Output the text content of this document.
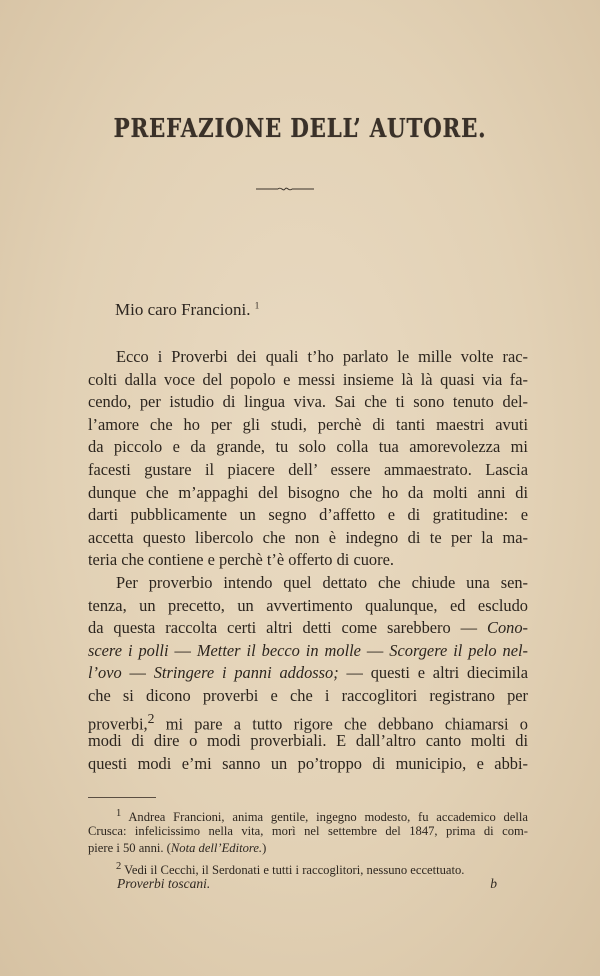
PREFAZIONE DELL’ AUTORE.
Mio caro Francioni. $^1$
Ecco i Proverbi dei quali t’ho parlato le mille volte rac-
colti dalla voce del popolo e messi insieme là là quasi via fa-
cendo, per istudio di lingua viva. Sai che ti sono tenuto del-
l’amore che ho per gli studi, perchè di tanti maestri avuti
da piccolo e da grande, tu solo colla tua amorevolezza mi
facesti gustare il piacere dell’ essere ammaestrato. Lascia
dunque che m’appaghi del bisogno che ho da molti anni di
darti pubblicamente un segno d’affetto e di gratitudine: e
accetta questo libercolo che non è indegno di te per la ma-
teria che contiene e perchè t’è offerto di cuore.
Per proverbio intendo quel dettato che chiude una sen-
tenza, un precetto, un avvertimento qualunque, ed escludo
da questa raccolta certi altri detti come sarebbero — Cono-
scere i polli — Metter il becco in molle — Scorgere il pelo nel-
l’ovo — Stringere i panni addosso; — questi e altri diecimila
che si dicono proverbi e che i raccoglitori registrano per
proverbi,$^2$ mi pare a tutto rigore che debbano chiamarsi o
modi di dire o modi proverbiali. E dall’altro canto molti di
questi modi e’mi sanno un po’troppo di municipio, e abbi-
$^1$ Andrea Francioni, anima gentile, ingegno modesto, fu accademico della
Crusca: infelicissimo nella vita, morì nel settembre del 1847, prima di com-
piere i 50 anni. (Nota dell’Editore.)
$^2$ Vedi il Cecchi, il Serdonati e tutti i raccoglitori, nessuno eccettuato.
Proverbi toscani.	b
